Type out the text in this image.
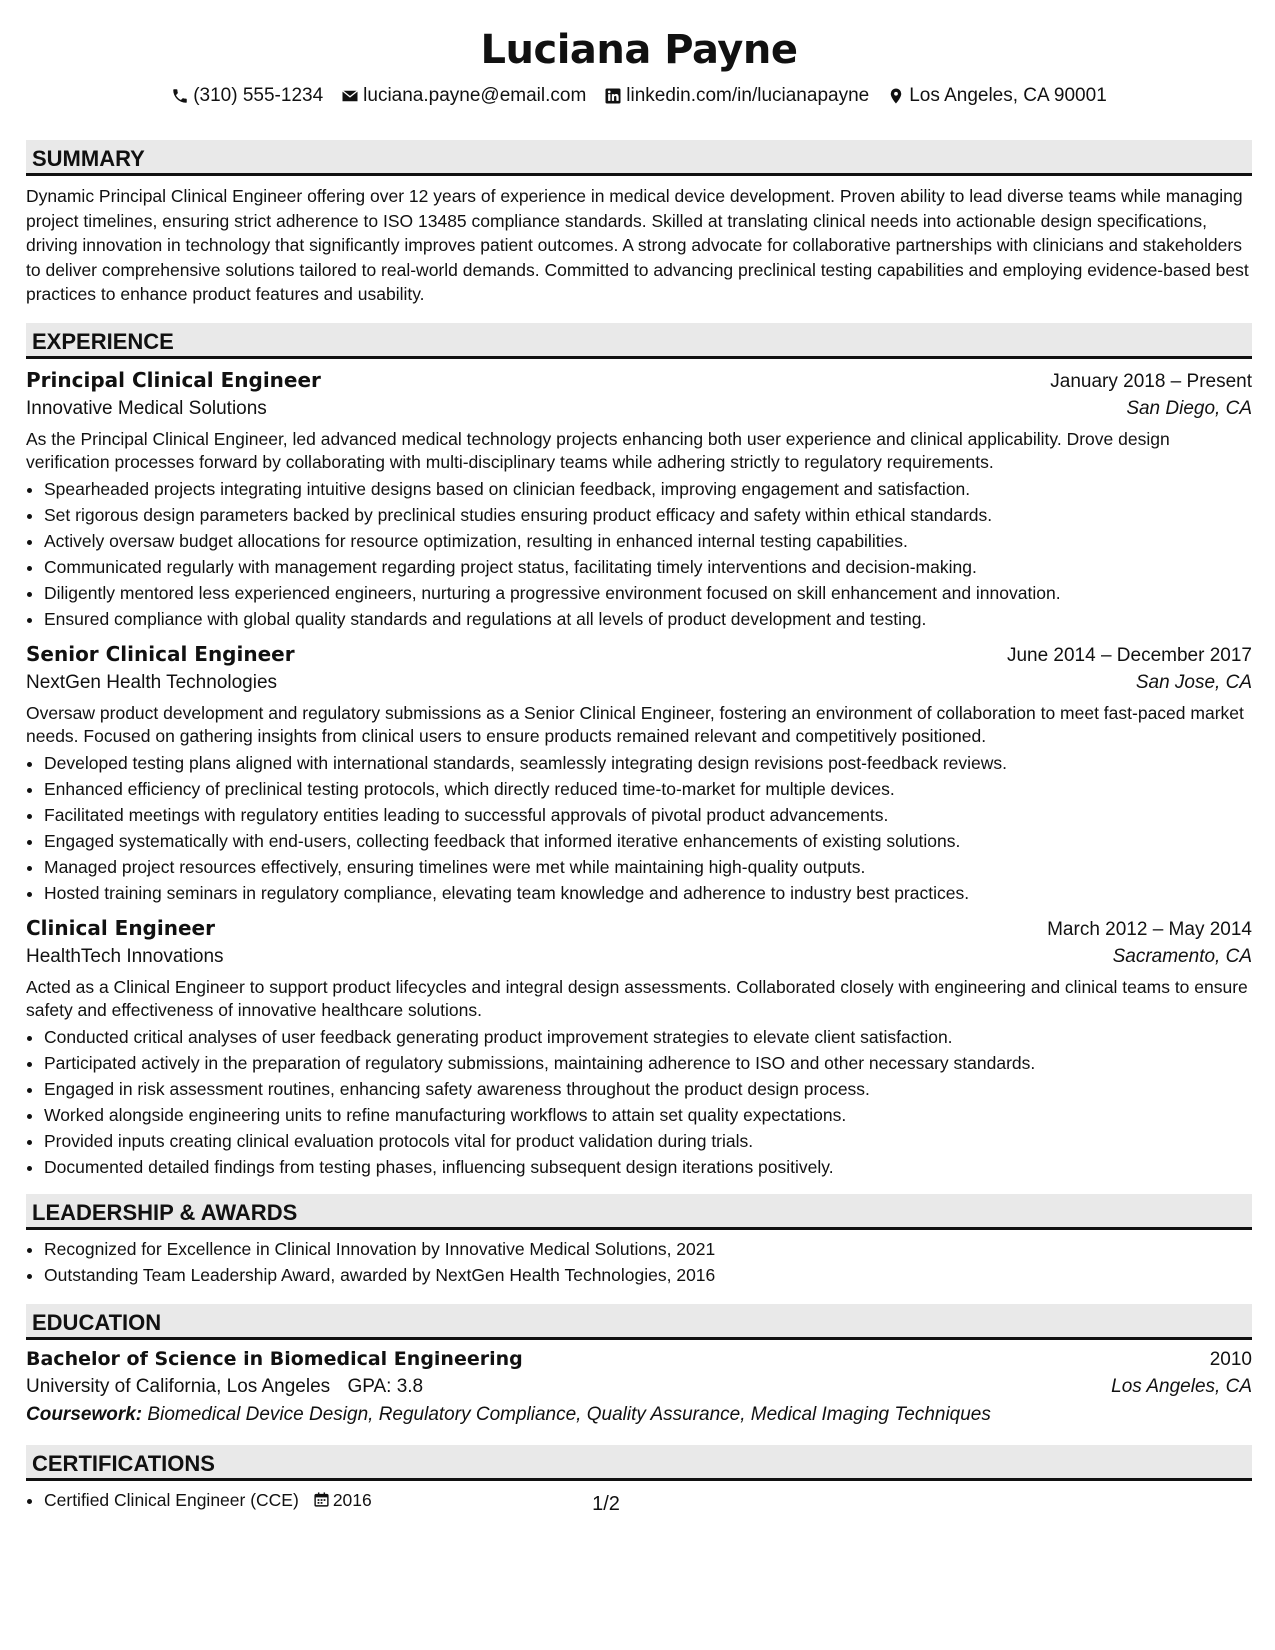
Luciana Payne
(310) 555-1234 luciana.payne@email.com linkedin.com/in/lucianapayne Los Angeles, CA 90001
SUMMARY

Dynamic Principal Clinical Engineer offering over 12 years of experience in medical device development. Proven ability to lead diverse teams while managing project timelines, ensuring strict adherence to ISO 13485 compliance standards. Skilled at translating clinical needs into actionable design specifications, driving innovation in technology that significantly improves patient outcomes. A strong advocate for collaborative partnerships with clinicians and stakeholders to deliver comprehensive solutions tailored to real-world demands. Committed to advancing preclinical testing capabilities and employing evidence-based best practices to enhance product features and usability.

EXPERIENCE
Principal Clinical Engineer	January 2018 – Present
Innovative Medical Solutions	San Diego, CA
As the Principal Clinical Engineer, led advanced medical technology projects enhancing both user experience and clinical applicability. Drove design verification processes forward by collaborating with multi-disciplinary teams while adhering strictly to regulatory requirements.
• Spearheaded projects integrating intuitive designs based on clinician feedback, improving engagement and satisfaction.
• Set rigorous design parameters backed by preclinical studies ensuring product efficacy and safety within ethical standards.
• Actively oversaw budget allocations for resource optimization, resulting in enhanced internal testing capabilities.
• Communicated regularly with management regarding project status, facilitating timely interventions and decision-making.
• Diligently mentored less experienced engineers, nurturing a progressive environment focused on skill enhancement and innovation.
• Ensured compliance with global quality standards and regulations at all levels of product development and testing.
Senior Clinical Engineer	June 2014 – December 2017
NextGen Health Technologies	San Jose, CA
Oversaw product development and regulatory submissions as a Senior Clinical Engineer, fostering an environment of collaboration to meet fast-paced market needs. Focused on gathering insights from clinical users to ensure products remained relevant and competitively positioned.
• Developed testing plans aligned with international standards, seamlessly integrating design revisions post-feedback reviews.
• Enhanced efficiency of preclinical testing protocols, which directly reduced time-to-market for multiple devices.
• Facilitated meetings with regulatory entities leading to successful approvals of pivotal product advancements.
• Engaged systematically with end-users, collecting feedback that informed iterative enhancements of existing solutions.
• Managed project resources effectively, ensuring timelines were met while maintaining high-quality outputs.
• Hosted training seminars in regulatory compliance, elevating team knowledge and adherence to industry best practices.
Clinical Engineer	March 2012 – May 2014
HealthTech Innovations	Sacramento, CA
Acted as a Clinical Engineer to support product lifecycles and integral design assessments. Collaborated closely with engineering and clinical teams to ensure safety and effectiveness of innovative healthcare solutions.
• Conducted critical analyses of user feedback generating product improvement strategies to elevate client satisfaction.
• Participated actively in the preparation of regulatory submissions, maintaining adherence to ISO and other necessary standards.
• Engaged in risk assessment routines, enhancing safety awareness throughout the product design process.
• Worked alongside engineering units to refine manufacturing workflows to attain set quality expectations.
• Provided inputs creating clinical evaluation protocols vital for product validation during trials.
• Documented detailed findings from testing phases, influencing subsequent design iterations positively.
LEADERSHIP & AWARDS
• Recognized for Excellence in Clinical Innovation by Innovative Medical Solutions, 2021
• Outstanding Team Leadership Award, awarded by NextGen Health Technologies, 2016
EDUCATION
Bachelor of Science in Biomedical Engineering	2010
University of California, Los Angeles GPA: 3.8	Los Angeles, CA
Coursework: Biomedical Device Design, Regulatory Compliance, Quality Assurance, Medical Imaging Techniques
CERTIFICATIONS
• Certified Clinical Engineer (CCE) 2016	1/2
